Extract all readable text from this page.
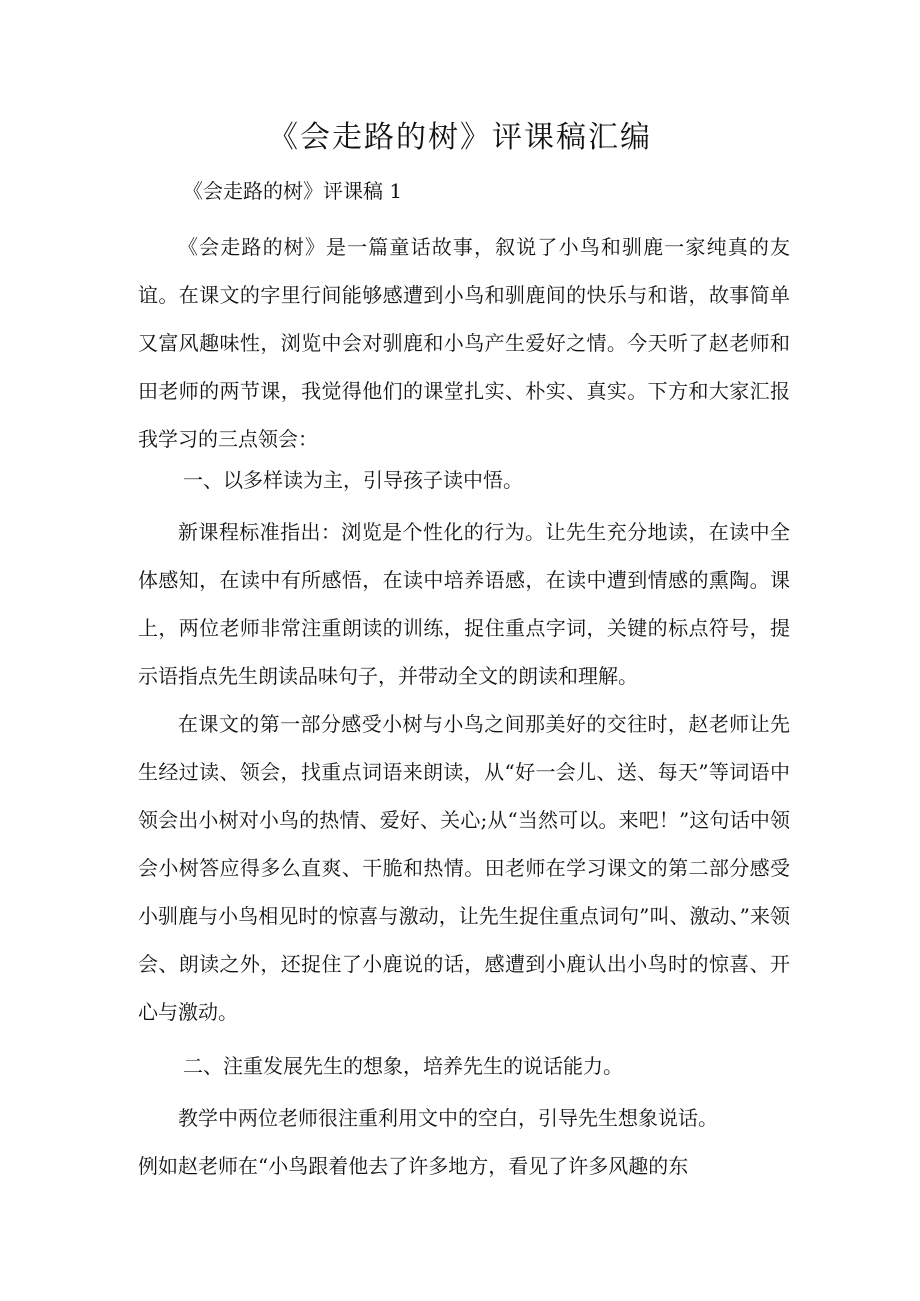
《会走路的树》评课稿汇编
《会走路的树》评课稿 1
《会走路的树》是一篇童话故事，叙说了小鸟和驯鹿一家纯真的友谊。在课文的字里行间能够感遭到小鸟和驯鹿间的快乐与和谐，故事简单又富风趣味性，浏览中会对驯鹿和小鸟产生爱好之情。今天听了赵老师和田老师的两节课，我觉得他们的课堂扎实、朴实、真实。下方和大家汇报我学习的三点领会：
一、以多样读为主，引导孩子读中悟。
新课程标准指出：浏览是个性化的行为。让先生充分地读，在读中全体感知，在读中有所感悟，在读中培养语感，在读中遭到情感的熏陶。课上，两位老师非常注重朗读的训练，捉住重点字词，关键的标点符号，提示语指点先生朗读品味句子，并带动全文的朗读和理解。
在课文的第一部分感受小树与小鸟之间那美好的交往时，赵老师让先生经过读、领会，找重点词语来朗读，从“好一会儿、送、每天”等词语中领会出小树对小鸟的热情、爱好、关心;从“当然可以。来吧！”这句话中领会小树答应得多么直爽、干脆和热情。田老师在学习课文的第二部分感受小驯鹿与小鸟相见时的惊喜与激动，让先生捉住重点词句”叫、激动、”来领会、朗读之外，还捉住了小鹿说的话，感遭到小鹿认出小鸟时的惊喜、开心与激动。
二、注重发展先生的想象，培养先生的说话能力。
教学中两位老师很注重利用文中的空白，引导先生想象说话。
例如赵老师在“小鸟跟着他去了许多地方，看见了许多风趣的东
